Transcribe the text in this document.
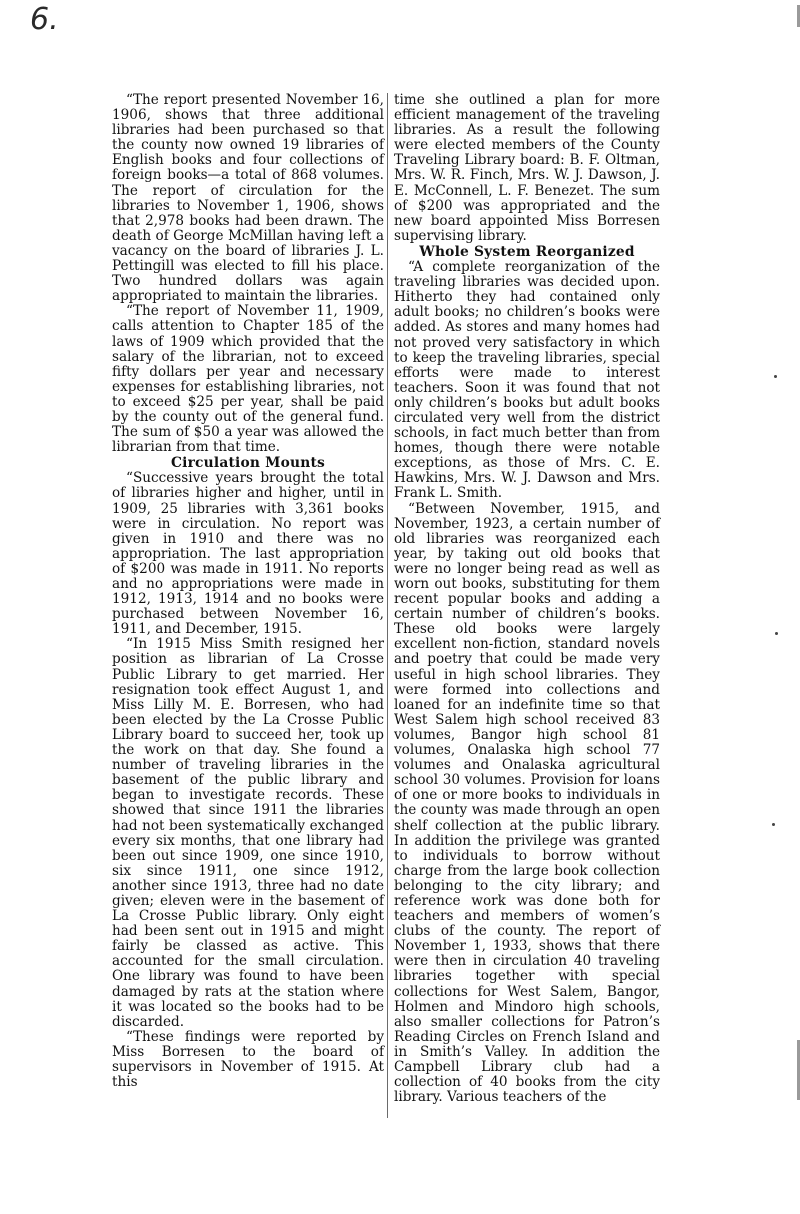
6.

“The report presented November 16, 1906, shows that three additional libraries had been purchased so that the county now owned 19 libraries of English books and four collections of foreign books—a total of 868 volumes. The report of circulation for the libraries to November 1, 1906, shows that 2,978 books had been drawn. The death of George McMillan having left a vacancy on the board of libraries J. L. Pettingill was elected to fill his place. Two hundred dollars was again appropriated to maintain the libraries.

“The report of November 11, 1909, calls attention to Chapter 185 of the laws of 1909 which provided that the salary of the librarian, not to exceed fifty dollars per year and necessary expenses for establishing libraries, not to exceed $25 per year, shall be paid by the county out of the general fund. The sum of $50 a year was allowed the librarian from that time.

Circulation Mounts

“Successive years brought the total of libraries higher and higher, until in 1909, 25 libraries with 3,361 books were in circulation. No report was given in 1910 and there was no appropriation. The last appropriation of $200 was made in 1911. No reports and no appropriations were made in 1912, 1913, 1914 and no books were purchased between November 16, 1911, and December, 1915.

“In 1915 Miss Smith resigned her position as librarian of La Crosse Public Library to get married. Her resignation took effect August 1, and Miss Lilly M. E. Borresen, who had been elected by the La Crosse Public Library board to succeed her, took up the work on that day. She found a number of traveling libraries in the basement of the public library and began to investigate records. These showed that since 1911 the libraries had not been systematically exchanged every six months, that one library had been out since 1909, one since 1910, six since 1911, one since 1912, another since 1913, three had no date given; eleven were in the basement of La Crosse Public library. Only eight had been sent out in 1915 and might fairly be classed as active. This accounted for the small circulation. One library was found to have been damaged by rats at the station where it was located so the books had to be discarded.

“These findings were reported by Miss Borresen to the board of supervisors in November of 1915. At this

time she outlined a plan for more efficient management of the traveling libraries. As a result the following were elected members of the County Traveling Library board: B. F. Oltman, Mrs. W. R. Finch, Mrs. W. J. Dawson, J. E. McConnell, L. F. Benezet. The sum of $200 was appropriated and the new board appointed Miss Borresen supervising library.

Whole System Reorganized

“A complete reorganization of the traveling libraries was decided upon. Hitherto they had contained only adult books; no children’s books were added. As stores and many homes had not proved very satisfactory in which to keep the traveling libraries, special efforts were made to interest teachers. Soon it was found that not only children’s books but adult books circulated very well from the district schools, in fact much better than from homes, though there were notable exceptions, as those of Mrs. C. E. Hawkins, Mrs. W. J. Dawson and Mrs. Frank L. Smith.

“Between November, 1915, and November, 1923, a certain number of old libraries was reorganized each year, by taking out old books that were no longer being read as well as worn out books, substituting for them recent popular books and adding a certain number of children’s books. These old books were largely excellent non-fiction, standard novels and poetry that could be made very useful in high school libraries. They were formed into collections and loaned for an indefinite time so that West Salem high school received 83 volumes, Bangor high school 81 volumes, Onalaska high school 77 volumes and Onalaska agricultural school 30 volumes. Provision for loans of one or more books to individuals in the county was made through an open shelf collection at the public library. In addition the privilege was granted to individuals to borrow without charge from the large book collection belonging to the city library; and reference work was done both for teachers and members of women’s clubs of the county. The report of November 1, 1933, shows that there were then in circulation 40 traveling libraries together with special collections for West Salem, Bangor, Holmen and Mindoro high schools, also smaller collections for Patron’s Reading Circles on French Island and in Smith’s Valley. In addition the Campbell Library club had a collection of 40 books from the city library. Various teachers of the
